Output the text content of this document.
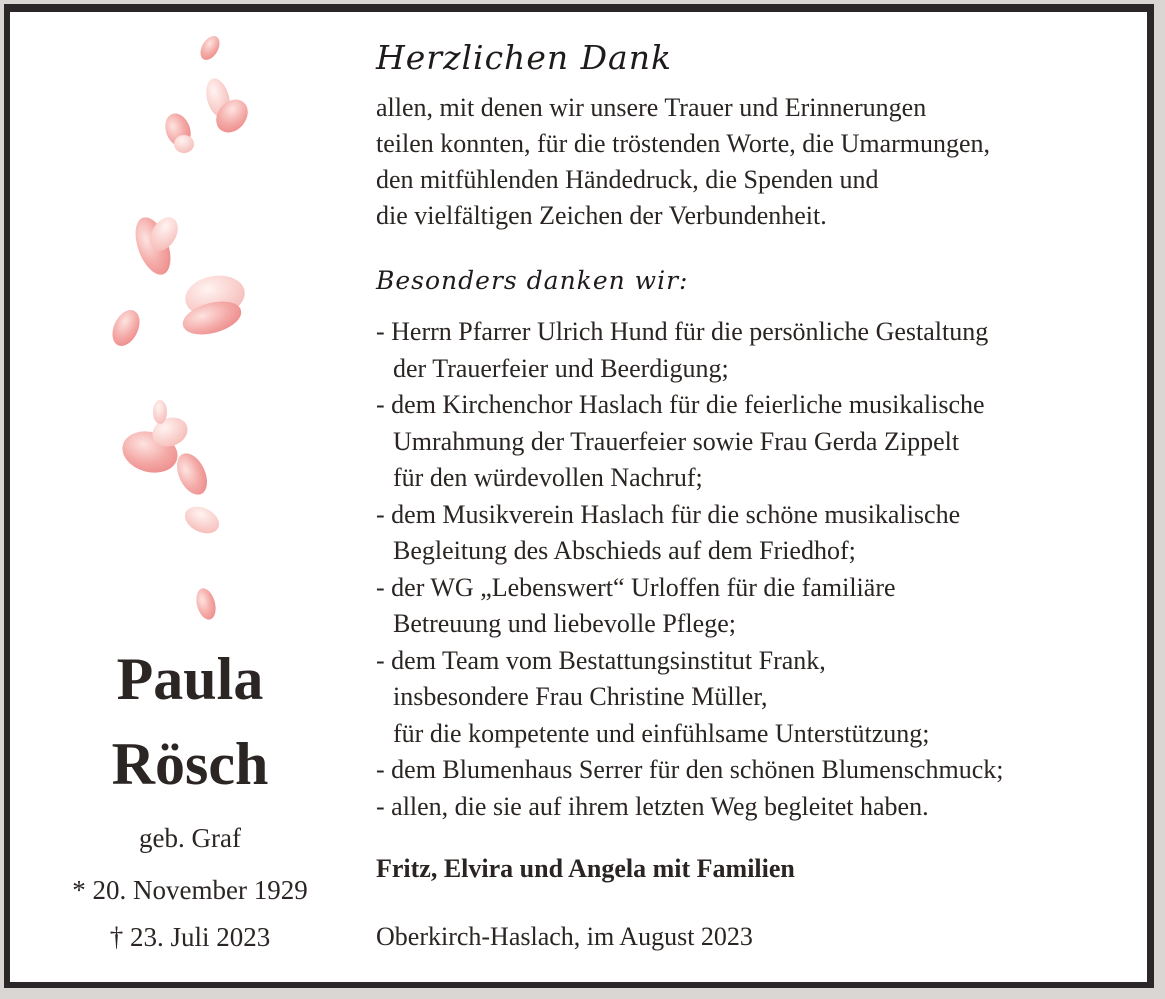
Paula
Rösch
geb. Graf
* 20. November 1929
† 23. Juli 2023
Herzlichen Dank
allen, mit denen wir unsere Trauer und Erinnerungen
teilen konnten, für die tröstenden Worte, die Umarmungen,
den mitfühlenden Händedruck, die Spenden und
die vielfältigen Zeichen der Verbundenheit.
Besonders danken wir:
- Herrn Pfarrer Ulrich Hund für die persönliche Gestaltung
der Trauerfeier und Beerdigung;
- dem Kirchenchor Haslach für die feierliche musikalische
Umrahmung der Trauerfeier sowie Frau Gerda Zippelt
für den würdevollen Nachruf;
- dem Musikverein Haslach für die schöne musikalische
Begleitung des Abschieds auf dem Friedhof;
- der WG „Lebenswert“ Urloffen für die familiäre
Betreuung und liebevolle Pflege;
- dem Team vom Bestattungsinstitut Frank,
insbesondere Frau Christine Müller,
für die kompetente und einfühlsame Unterstützung;
- dem Blumenhaus Serrer für den schönen Blumenschmuck;
- allen, die sie auf ihrem letzten Weg begleitet haben.
Fritz, Elvira und Angela mit Familien
Oberkirch-Haslach, im August 2023
